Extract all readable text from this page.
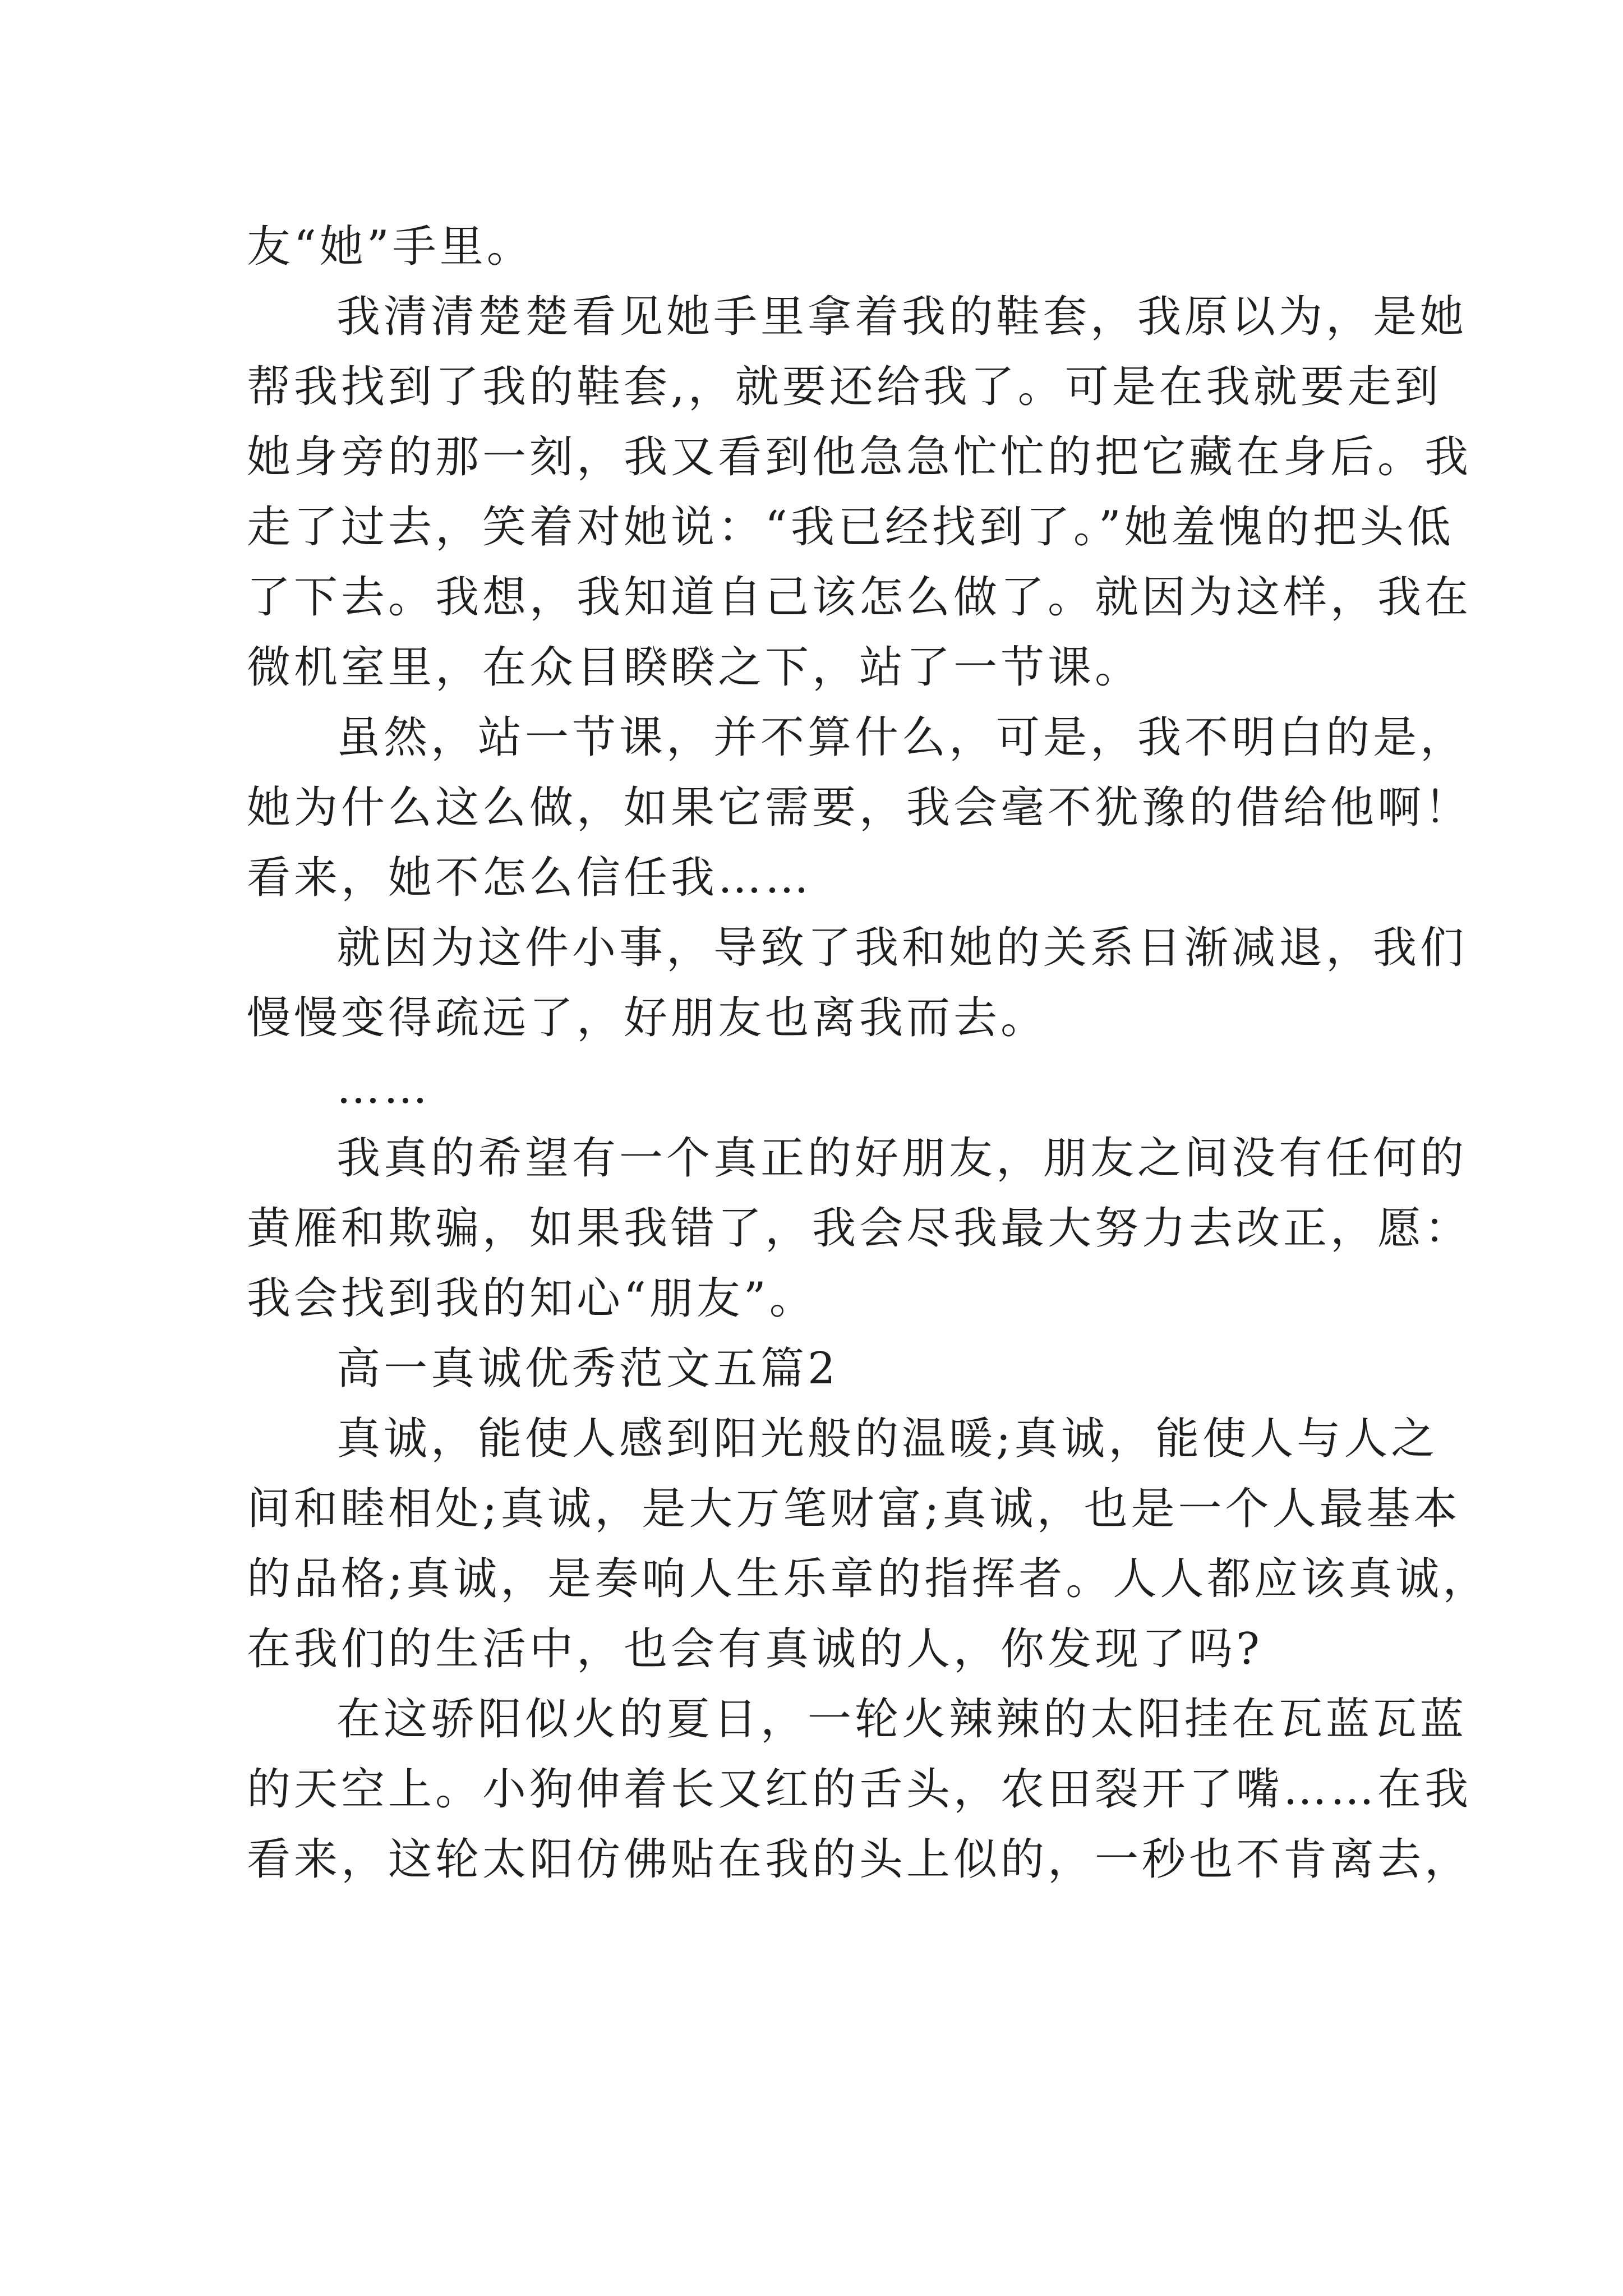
友“她”手里。
我清清楚楚看见她手里拿着我的鞋套，我原以为，是她
帮我找到了我的鞋套,，就要还给我了。可是在我就要走到
她身旁的那一刻，我又看到他急急忙忙的把它藏在身后。我
走了过去，笑着对她说：“我已经找到了。”她羞愧的把头低
了下去。我想，我知道自己该怎么做了。就因为这样，我在
微机室里，在众目睽睽之下，站了一节课。
虽然，站一节课，并不算什么，可是，我不明白的是，
她为什么这么做，如果它需要，我会毫不犹豫的借给他啊！
看来，她不怎么信任我……
就因为这件小事，导致了我和她的关系日渐减退，我们
慢慢变得疏远了，好朋友也离我而去。
……
我真的希望有一个真正的好朋友，朋友之间没有任何的
黄雁和欺骗，如果我错了，我会尽我最大努力去改正，愿：
我会找到我的知心“朋友”。
高一真诚优秀范文五篇2
真诚，能使人感到阳光般的温暖;真诚，能使人与人之
间和睦相处;真诚，是大万笔财富;真诚，也是一个人最基本
的品格;真诚，是奏响人生乐章的指挥者。人人都应该真诚，
在我们的生活中，也会有真诚的人，你发现了吗?
在这骄阳似火的夏日，一轮火辣辣的太阳挂在瓦蓝瓦蓝
的天空上。小狗伸着长又红的舌头，农田裂开了嘴……在我
看来，这轮太阳仿佛贴在我的头上似的，一秒也不肯离去，
